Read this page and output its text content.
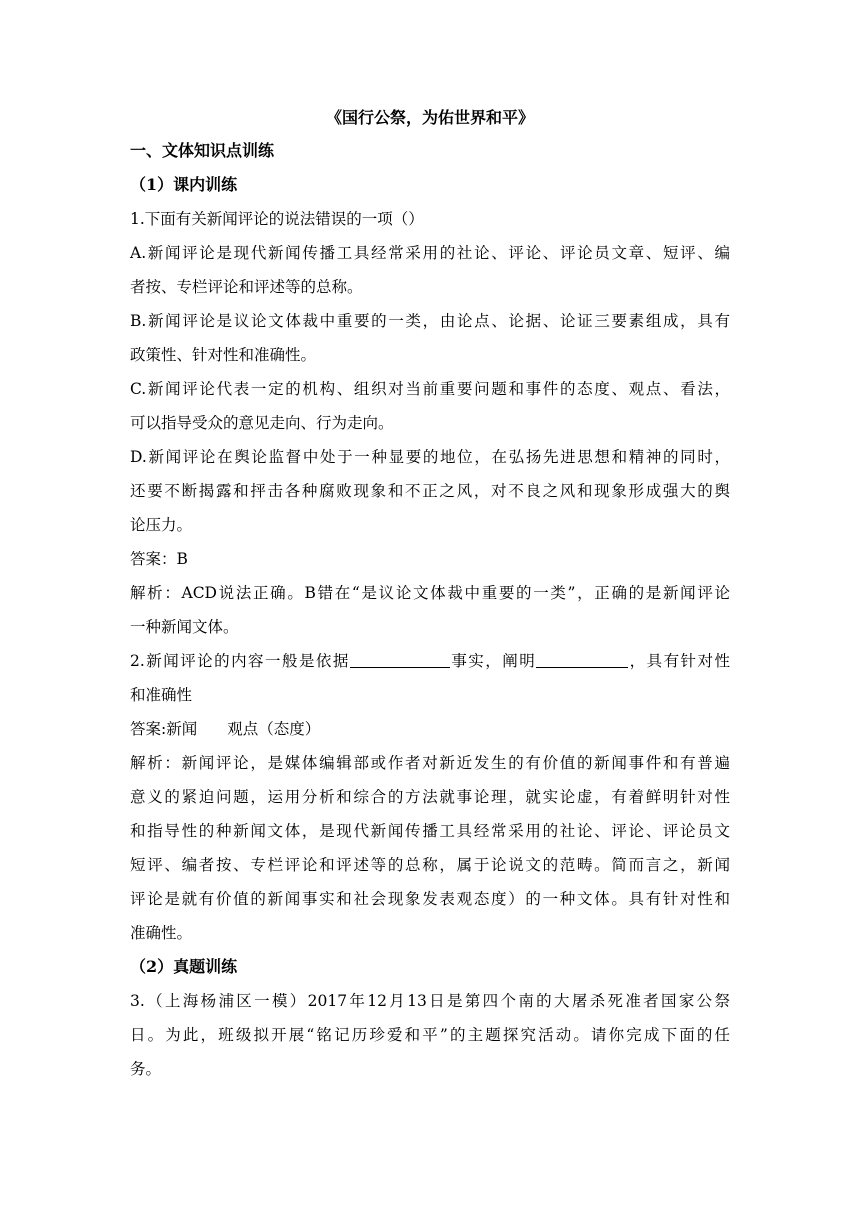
《国行公祭，为佑世界和平》

一、文体知识点训练

（1）课内训练

1.下面有关新闻评论的说法错误的一项（）

A.新闻评论是现代新闻传播工具经常采用的社论、评论、评论员文章、短评、编

者按、专栏评论和评述等的总称。

B.新闻评论是议论文体裁中重要的一类，由论点、论据、论证三要素组成，具有

政策性、针对性和准确性。

C.新闻评论代表一定的机构、组织对当前重要问题和事件的态度、观点、看法，

可以指导受众的意见走向、行为走向。

D.新闻评论在舆论监督中处于一种显要的地位，在弘扬先进思想和精神的同时，

还要不断揭露和抨击各种腐败现象和不正之风，对不良之风和现象形成强大的舆

论压力。

答案：B

解析：ACD说法正确。B错在“是议论文体裁中重要的一类”，正确的是新闻评论

一种新闻文体。

2.新闻评论的内容一般是依据	事实，阐明	，具有针对性

和准确性

答案:新闻 观点（态度）

解析：新闻评论，是媒体编辑部或作者对新近发生的有价值的新闻事件和有普遍

意义的紧迫问题，运用分析和综合的方法就事论理，就实论虚，有着鲜明针对性

和指导性的种新闻文体，是现代新闻传播工具经常采用的社论、评论、评论员文

短评、编者按、专栏评论和评述等的总称，属于论说文的范畴。简而言之，新闻

评论是就有价值的新闻事实和社会现象发表观态度）的一种文体。具有针对性和

准确性。

（2）真题训练

3.（上海杨浦区一模）2017年12月13日是第四个南的大屠杀死准者国家公祭

日。为此，班级拟开展“铭记历珍爱和平”的主题探究活动。请你完成下面的任

务。
